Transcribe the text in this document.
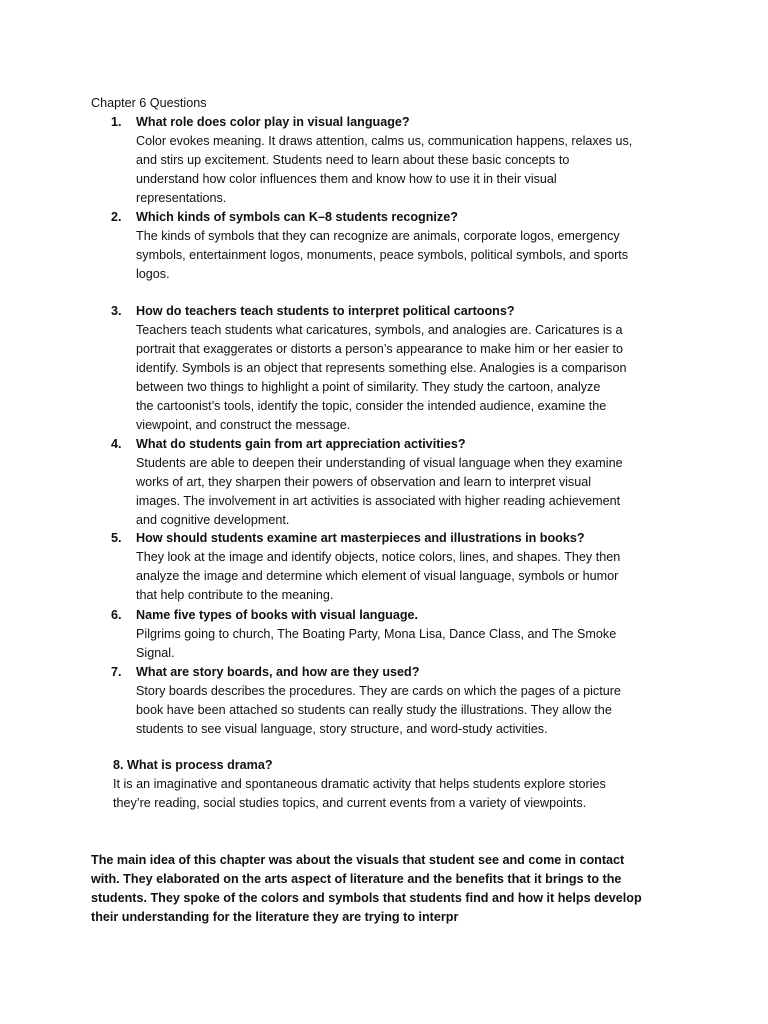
Chapter 6 Questions
1. What role does color play in visual language?
Color evokes meaning. It draws attention, calms us, communication happens, relaxes us,
and stirs up excitement. Students need to learn about these basic concepts to
understand how color influences them and know how to use it in their visual
representations.
2. Which kinds of symbols can K–8 students recognize?
The kinds of symbols that they can recognize are animals, corporate logos, emergency
symbols, entertainment logos, monuments, peace symbols, political symbols, and sports
logos.
3. How do teachers teach students to interpret political cartoons?
Teachers teach students what caricatures, symbols, and analogies are. Caricatures is a
portrait that exaggerates or distorts a person’s appearance to make him or her easier to
identify. Symbols is an object that represents something else. Analogies is a comparison
between two things to highlight a point of similarity. They study the cartoon, analyze
the cartoonist’s tools, identify the topic, consider the intended audience, examine the
viewpoint, and construct the message.
4. What do students gain from art appreciation activities?
Students are able to deepen their understanding of visual language when they examine
works of art, they sharpen their powers of observation and learn to interpret visual
images. The involvement in art activities is associated with higher reading achievement
and cognitive development.
5. How should students examine art masterpieces and illustrations in books?
They look at the image and identify objects, notice colors, lines, and shapes. They then
analyze the image and determine which element of visual language, symbols or humor
that help contribute to the meaning.
6. Name five types of books with visual language.
Pilgrims going to church, The Boating Party, Mona Lisa, Dance Class, and The Smoke
Signal.
7. What are story boards, and how are they used?
Story boards describes the procedures. They are cards on which the pages of a picture
book have been attached so students can really study the illustrations. They allow the
students to see visual language, story structure, and word-study activities.
8. What is process drama?
It is an imaginative and spontaneous dramatic activity that helps students explore stories
they’re reading, social studies topics, and current events from a variety of viewpoints.
The main idea of this chapter was about the visuals that student see and come in contact
with. They elaborated on the arts aspect of literature and the benefits that it brings to the
students. They spoke of the colors and symbols that students find and how it helps develop
their understanding for the literature they are trying to interpr
